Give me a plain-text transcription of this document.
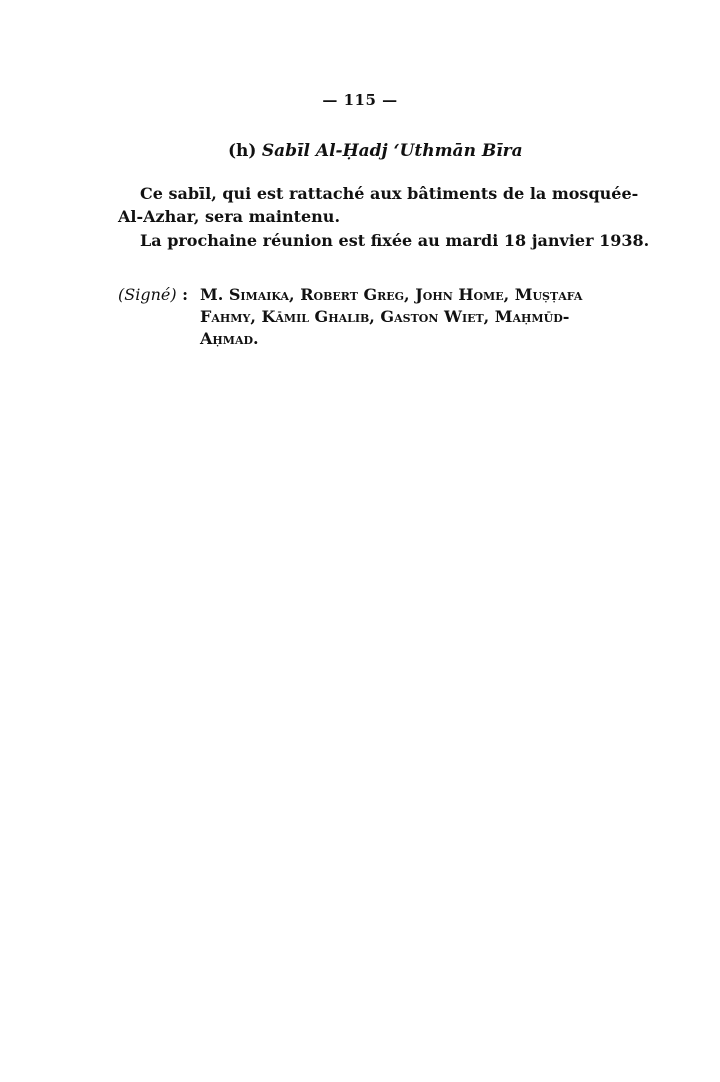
— 115 —
(h) Sabīl Al-Ḥadj ʻUthmān Bīra
Ce sabīl, qui est rattaché aux bâtiments de la mosquée-
Al-Azhar, sera maintenu.
La prochaine réunion est fixée au mardi 18 janvier 1938.
(Signé) : M. Simaika, Robert Greg, John Home, Muṣṭafa
Fahmy, Kāmil Ghalib, Gaston Wiet, Maḥmūd-
Aḥmad.
